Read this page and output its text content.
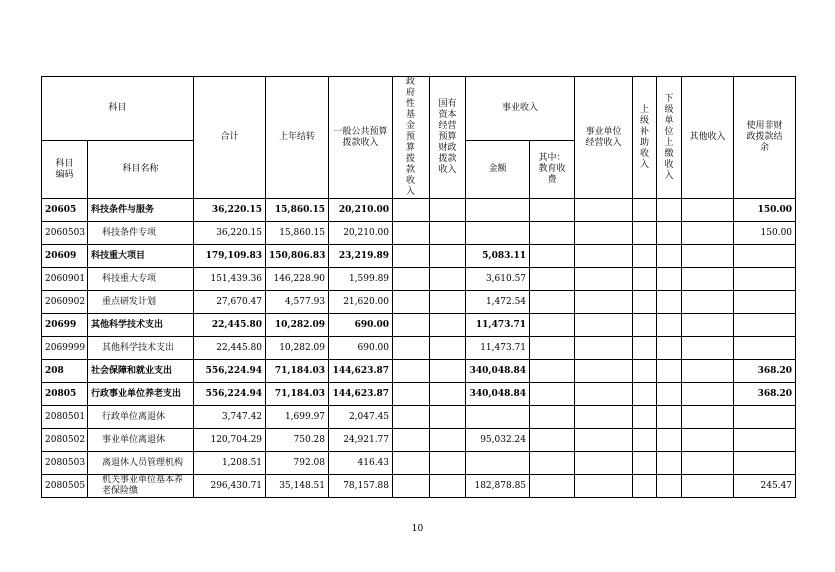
科目		合计	上年结转	一般公共预算拨款收入	政府性基金预算拨款收入	国有资本经营预算财政拨款收入	事业收入		事业单位经营收入	上级补助收入	下级单位上缴收入	其他收入	使用非财政拨款结余

科目编码	科目名称						金额	其中：教育收费					

20605	科技条件与服务	36,220.15	15,860.15	20,210.00									150.00
2060503	科技条件专项	36,220.15	15,860.15	20,210.00									150.00
20609	科技重大项目	179,109.83	150,806.83	23,219.89			5,083.11						
2060901	科技重大专项	151,439.36	146,228.90	1,599.89			3,610.57						
2060902	重点研发计划	27,670.47	4,577.93	21,620.00			1,472.54						
20699	其他科学技术支出	22,445.80	10,282.09	690.00			11,473.71						
2069999	其他科学技术支出	22,445.80	10,282.09	690.00			11,473.71						
208	社会保障和就业支出	556,224.94	71,184.03	144,623.87			340,048.84						368.20
20805	行政事业单位养老支出	556,224.94	71,184.03	144,623.87			340,048.84						368.20
2080501	行政单位离退休	3,747.42	1,699.97	2,047.45									
2080502	事业单位离退休	120,704.29	750.28	24,921.77			95,032.24						
2080503	离退休人员管理机构	1,208.51	792.08	416.43									
2080505	机关事业单位基本养老保险缴	296,430.71	35,148.51	78,157.88			182,878.85						245.47
10
